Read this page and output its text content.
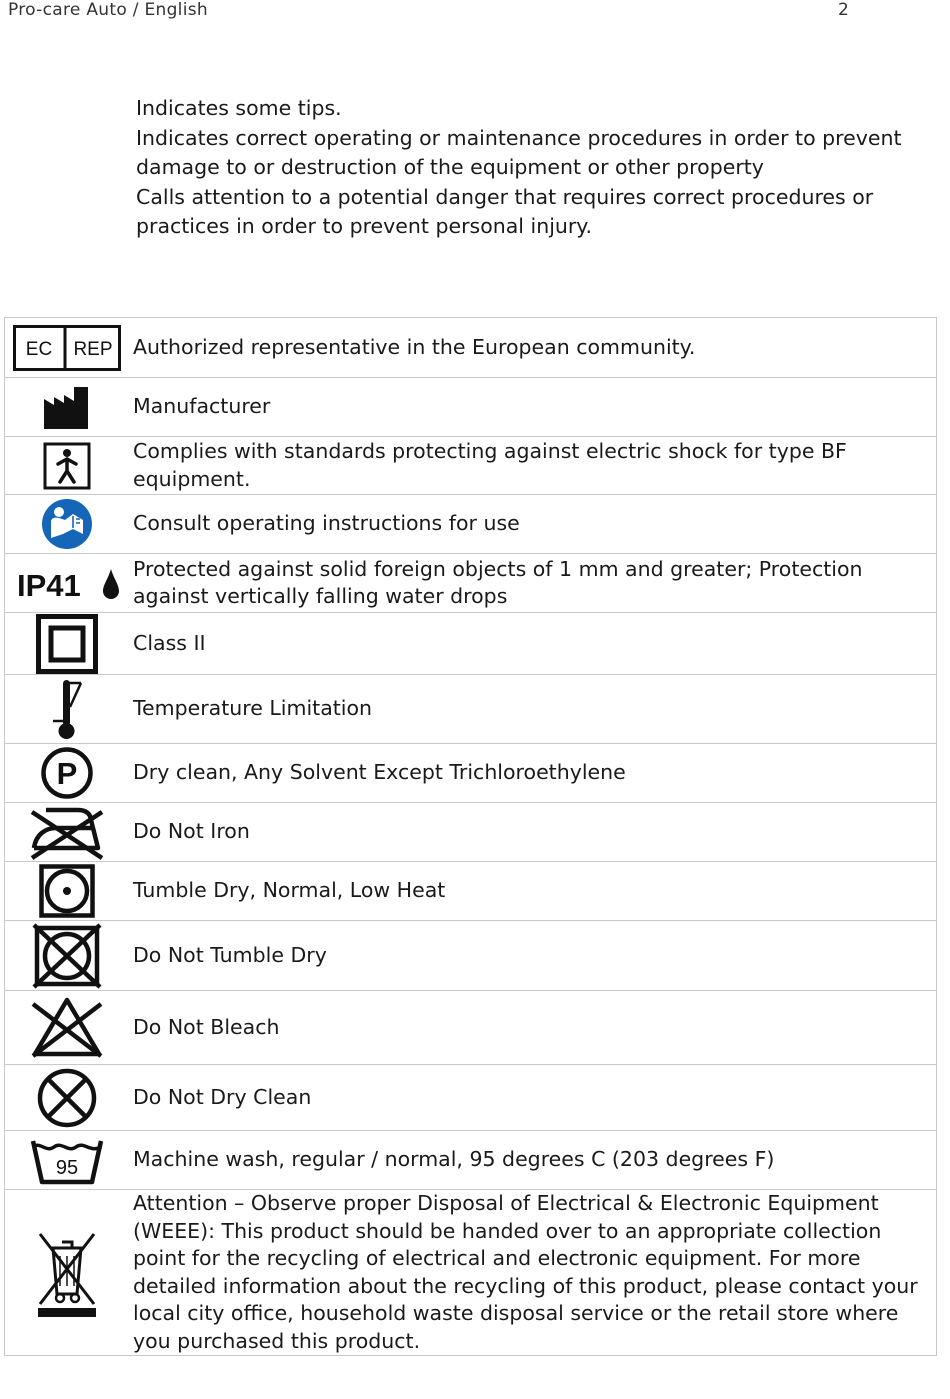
Pro-care Auto / English	2

Indicates some tips.

Indicates correct operating or maintenance procedures in order to prevent damage to or destruction of the equipment or other property

Calls attention to a potential danger that requires correct procedures or practices in order to prevent personal injury.

EC REP	Authorized representative in the European community.

	Manufacturer

	Complies with standards protecting against electric shock for type BF equipment.

	Consult operating instructions for use

IP41	Protected against solid foreign objects of 1 mm and greater; Protection against vertically falling water drops

	Class II

	Temperature Limitation

P	Dry clean, Any Solvent Except Trichloroethylene

	Do Not Iron

	Tumble Dry, Normal, Low Heat

	Do Not Tumble Dry

	Do Not Bleach

	Do Not Dry Clean

95	Machine wash, regular / normal, 95 degrees C (203 degrees F)

	Attention – Observe proper Disposal of Electrical & Electronic Equipment (WEEE): This product should be handed over to an appropriate collection point for the recycling of electrical and electronic equipment. For more detailed information about the recycling of this product, please contact your local city office, household waste disposal service or the retail store where you purchased this product.
